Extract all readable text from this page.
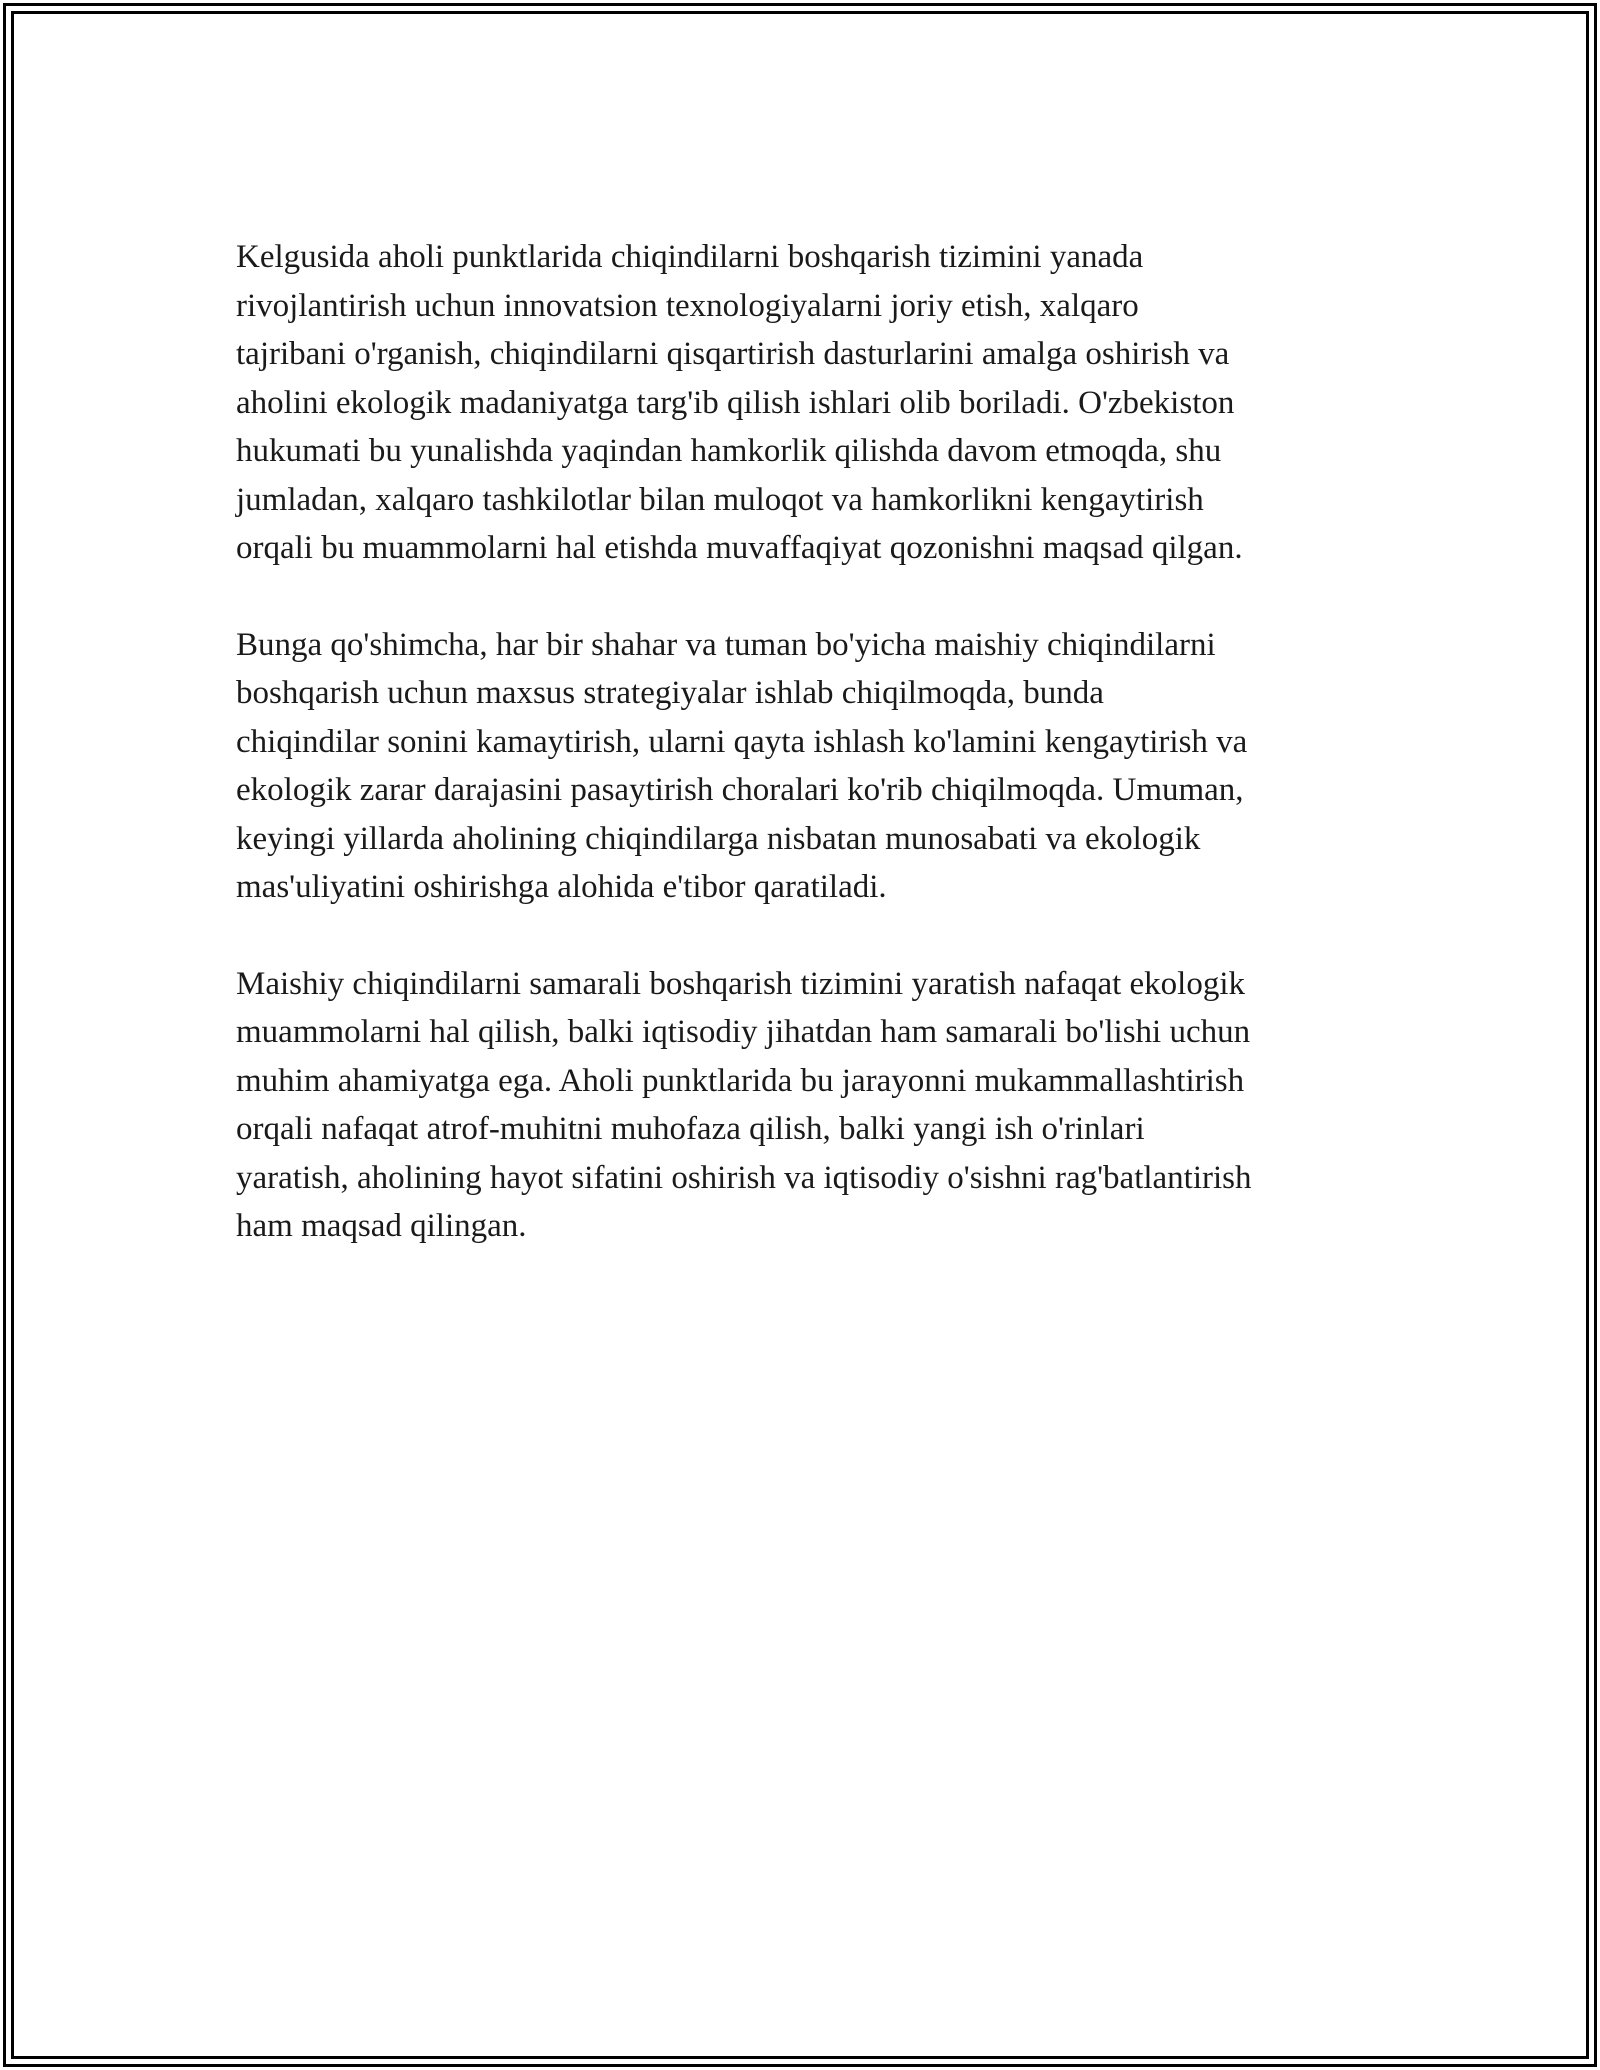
Kelgusida aholi punktlarida chiqindilarni boshqarish tizimini yanada
rivojlantirish uchun innovatsion texnologiyalarni joriy etish, xalqaro
tajribani o'rganish, chiqindilarni qisqartirish dasturlarini amalga oshirish va
aholini ekologik madaniyatga targ'ib qilish ishlari olib boriladi. O'zbekiston
hukumati bu yunalishda yaqindan hamkorlik qilishda davom etmoqda, shu
jumladan, xalqaro tashkilotlar bilan muloqot va hamkorlikni kengaytirish
orqali bu muammolarni hal etishda muvaffaqiyat qozonishni maqsad qilgan.

Bunga qo'shimcha, har bir shahar va tuman bo'yicha maishiy chiqindilarni
boshqarish uchun maxsus strategiyalar ishlab chiqilmoqda, bunda
chiqindilar sonini kamaytirish, ularni qayta ishlash ko'lamini kengaytirish va
ekologik zarar darajasini pasaytirish choralari ko'rib chiqilmoqda. Umuman,
keyingi yillarda aholining chiqindilarga nisbatan munosabati va ekologik
mas'uliyatini oshirishga alohida e'tibor qaratiladi.

Maishiy chiqindilarni samarali boshqarish tizimini yaratish nafaqat ekologik
muammolarni hal qilish, balki iqtisodiy jihatdan ham samarali bo'lishi uchun
muhim ahamiyatga ega. Aholi punktlarida bu jarayonni mukammallashtirish
orqali nafaqat atrof-muhitni muhofaza qilish, balki yangi ish o'rinlari
yaratish, aholining hayot sifatini oshirish va iqtisodiy o'sishni rag'batlantirish
ham maqsad qilingan.
